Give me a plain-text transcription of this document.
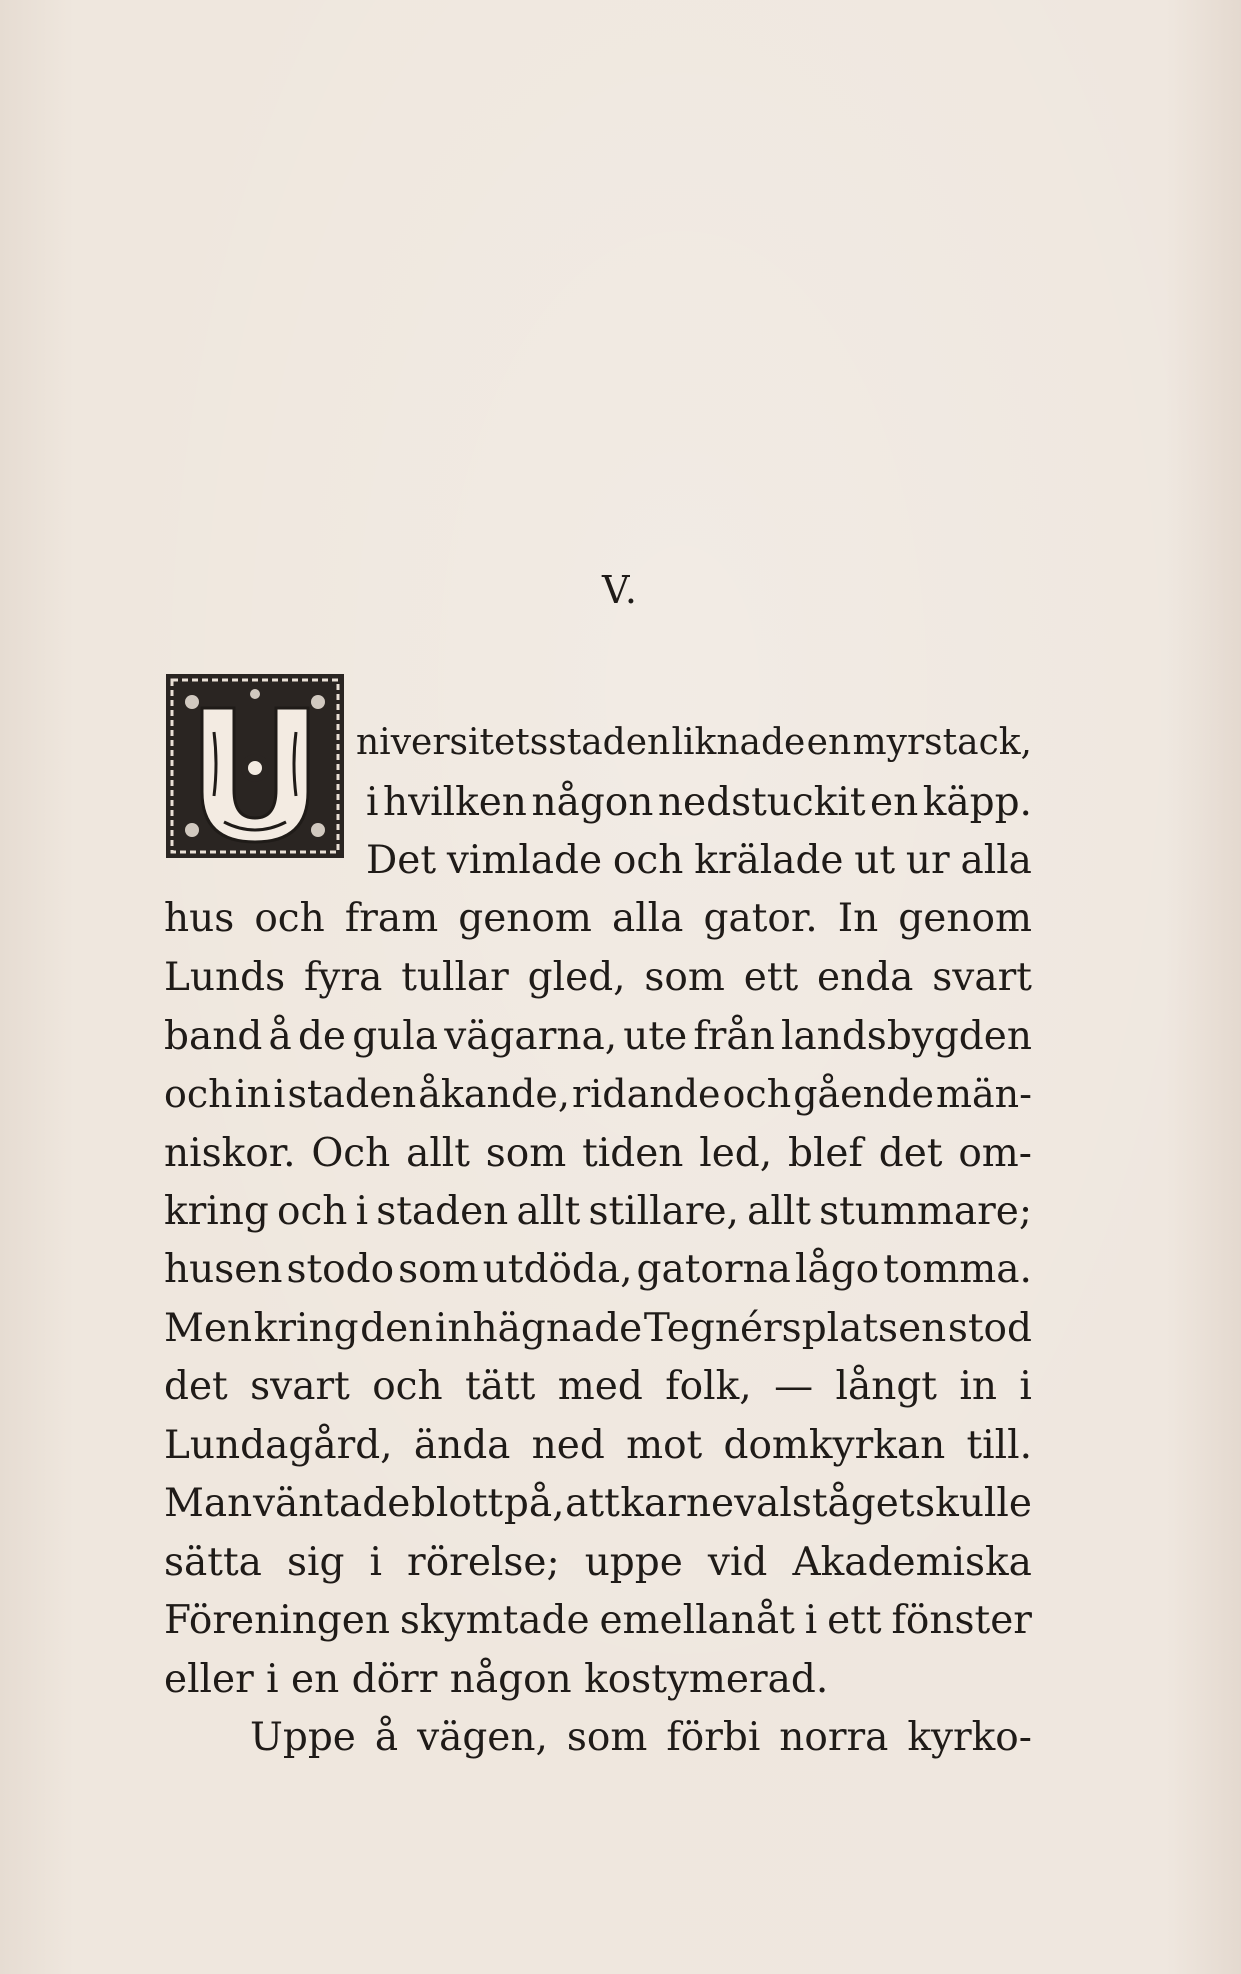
V.
niversitetsstaden liknade en myrstack,
i hvilken någon nedstuckit en käpp.
Det vimlade och krälade ut ur alla
hus och fram genom alla gator. In genom
Lunds fyra tullar gled, som ett enda svart
band å de gula vägarna, ute från landsbygden
och in i staden åkande, ridande och gående män-
niskor. Och allt som tiden led, blef det om-
kring och i staden allt stillare, allt stummare;
husen stodo som utdöda, gatorna lågo tomma.
Men kring den inhägnade Tegnérsplatsen stod
det svart och tätt med folk, — långt in i
Lundagård, ända ned mot domkyrkan till.
Man väntade blott på, att karnevalståget skulle
sätta sig i rörelse; uppe vid Akademiska
Föreningen skymtade emellanåt i ett fönster
eller i en dörr någon kostymerad.
Uppe å vägen, som förbi norra kyrko-
